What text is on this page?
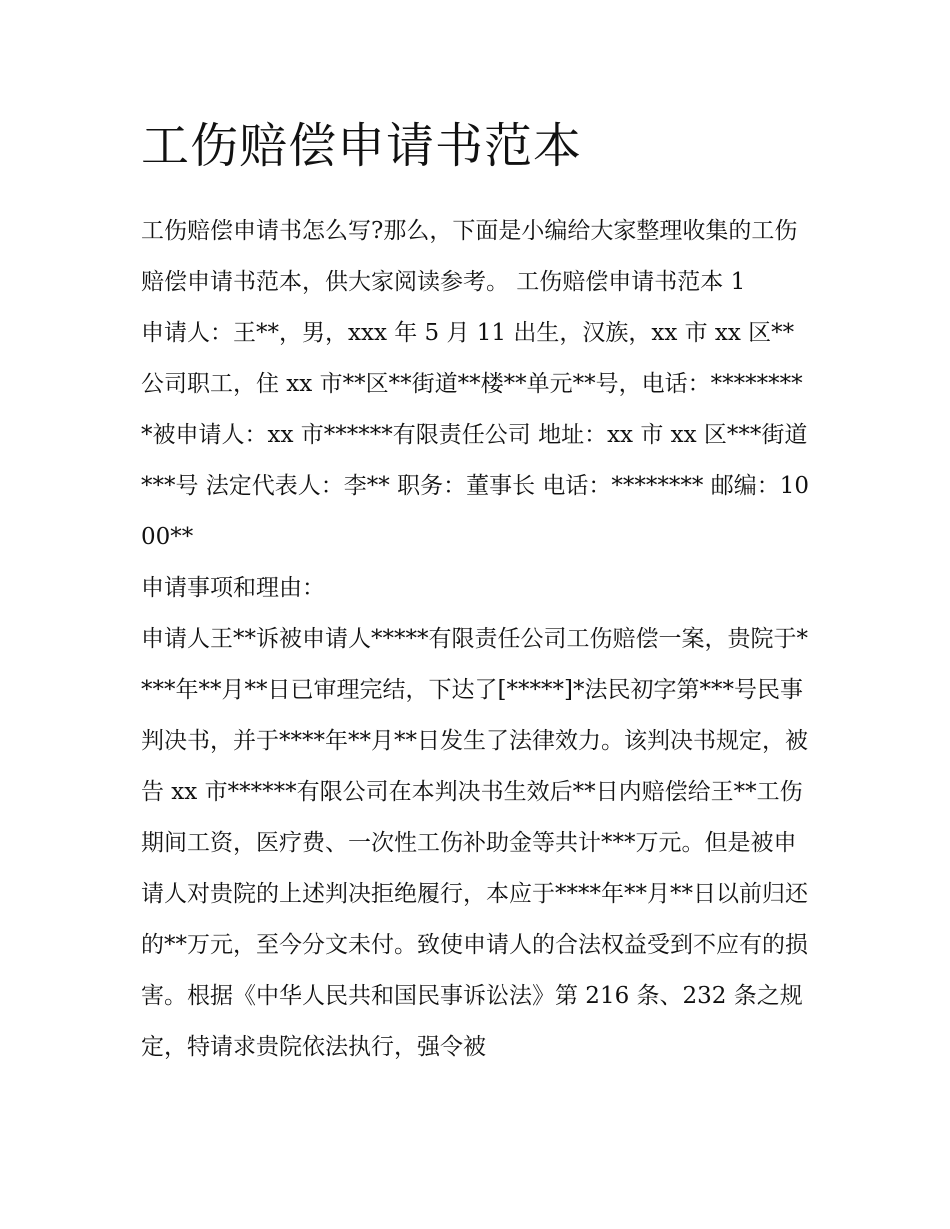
工伤赔偿申请书范本

工伤赔偿申请书怎么写?那么，下面是小编给大家整理收集的工伤赔偿申请书范本，供大家阅读参考。 工伤赔偿申请书范本 1

申请人：王**，男，xxx 年 5 月 11 出生，汉族，xx 市 xx 区**公司职工，住 xx 市**区**街道**楼**单元**号，电话：*********被申请人：xx 市******有限责任公司 地址：xx 市 xx 区***街道***号 法定代表人：李** 职务：董事长 电话：******** 邮编：1000**

申请事项和理由：

申请人王**诉被申请人*****有限责任公司工伤赔偿一案，贵院于****年**月**日已审理完结，下达了[*****]*法民初字第***号民事判决书，并于****年**月**日发生了法律效力。该判决书规定，被告 xx 市******有限公司在本判决书生效后**日内赔偿给王**工伤期间工资，医疗费、一次性工伤补助金等共计***万元。但是被申请人对贵院的上述判决拒绝履行，本应于****年**月**日以前归还的**万元，至今分文未付。致使申请人的合法权益受到不应有的损害。根据《中华人民共和国民事诉讼法》第 216 条、232 条之规定，特请求贵院依法执行，强令被
